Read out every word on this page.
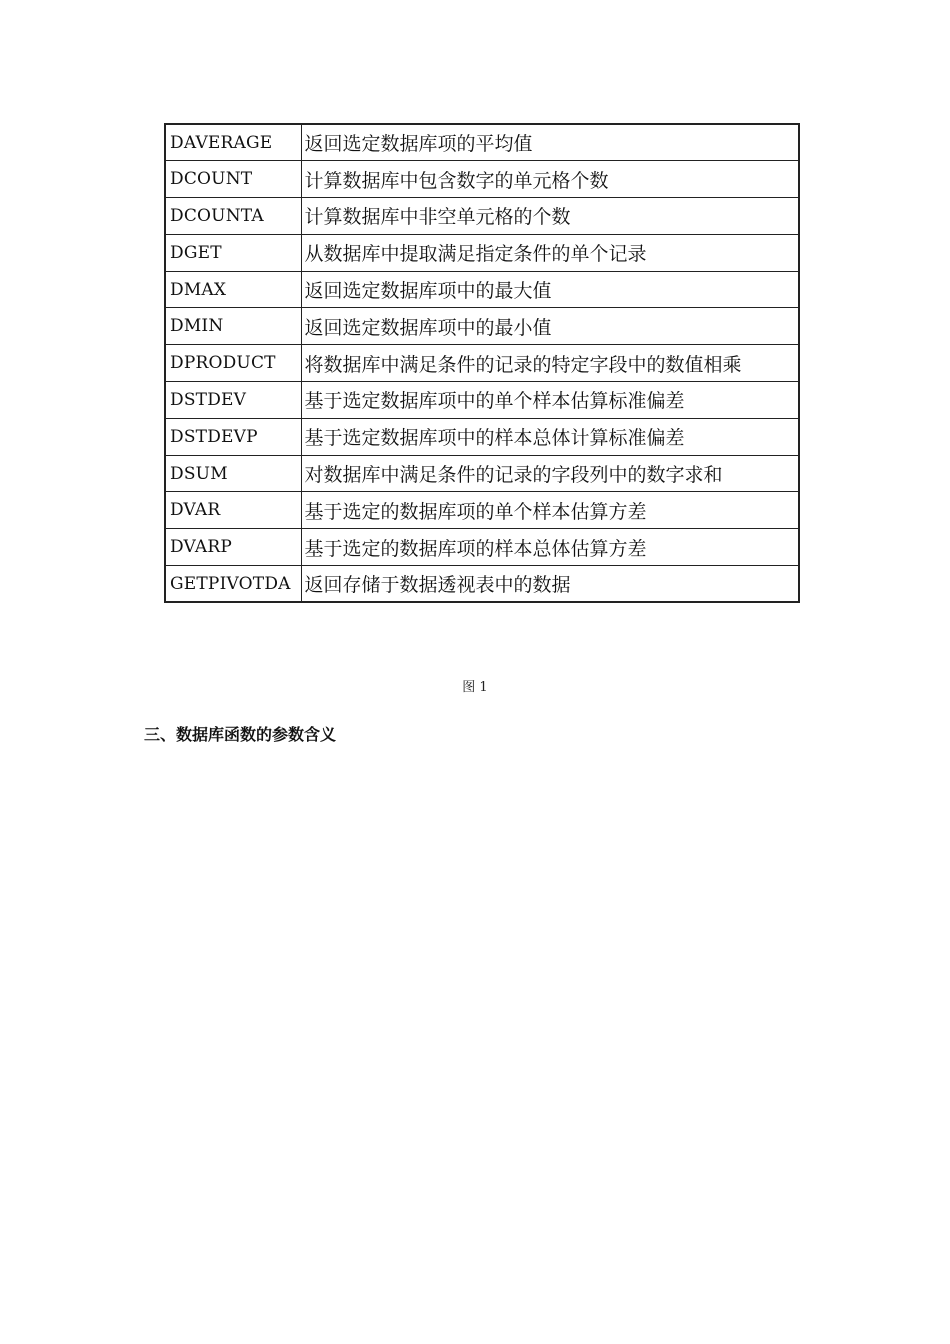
DAVERAGE	返回选定数据库项的平均值
DCOUNT	计算数据库中包含数字的单元格个数
DCOUNTA	计算数据库中非空单元格的个数
DGET	从数据库中提取满足指定条件的单个记录
DMAX	返回选定数据库项中的最大值
DMIN	返回选定数据库项中的最小值
DPRODUCT	将数据库中满足条件的记录的特定字段中的数值相乘
DSTDEV	基于选定数据库项中的单个样本估算标准偏差
DSTDEVP	基于选定数据库项中的样本总体计算标准偏差
DSUM	对数据库中满足条件的记录的字段列中的数字求和
DVAR	基于选定的数据库项的单个样本估算方差
DVARP	基于选定的数据库项的样本总体估算方差
GETPIVOTDA	返回存储于数据透视表中的数据
图 1
三、数据库函数的参数含义
